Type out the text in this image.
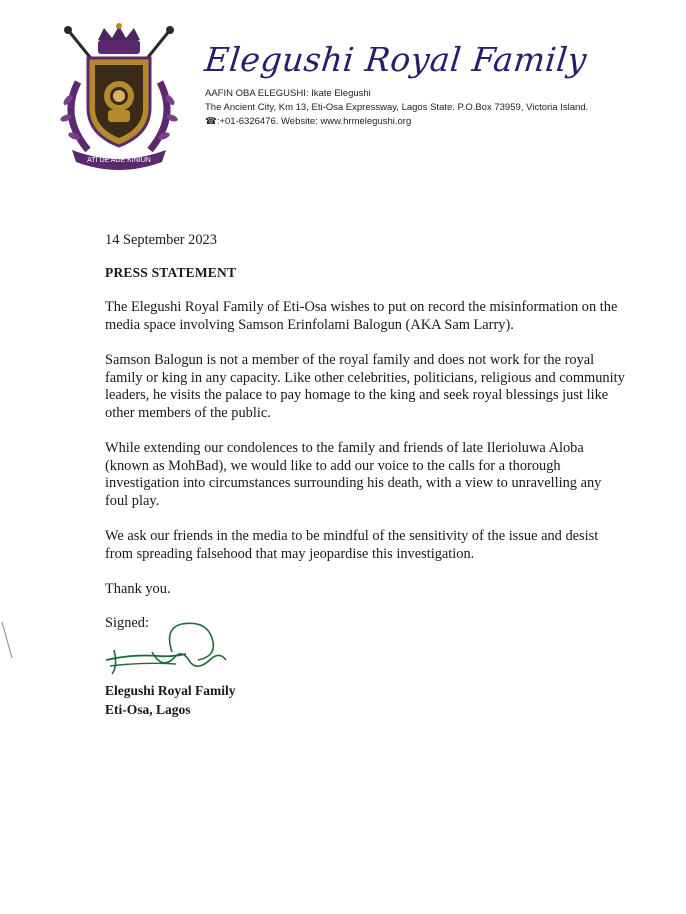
ATI DE ADE KINIUN
Elegushi Royal Family
AAFIN OBA ELEGUSHI: Ikate Elegushi
The Ancient City, Km 13, Eti-Osa Expressway, Lagos State. P.O.Box 73959, Victoria Island.
☎:+01-6326476. Website: www.hrmelegushi.org

14 September 2023

PRESS STATEMENT

The Elegushi Royal Family of Eti-Osa wishes to put on record the misinformation on the media space involving Samson Erinfolami Balogun (AKA Sam Larry).

Samson Balogun is not a member of the royal family and does not work for the royal family or king in any capacity. Like other celebrities, politicians, religious and community leaders, he visits the palace to pay homage to the king and seek royal blessings just like other members of the public.

While extending our condolences to the family and friends of late Ilerioluwa Aloba (known as MohBad), we would like to add our voice to the calls for a thorough investigation into circumstances surrounding his death, with a view to unravelling any foul play.

We ask our friends in the media to be mindful of the sensitivity of the issue and desist from spreading falsehood that may jeopardise this investigation.

Thank you.

Signed:

Elegushi Royal Family
Eti-Osa, Lagos
